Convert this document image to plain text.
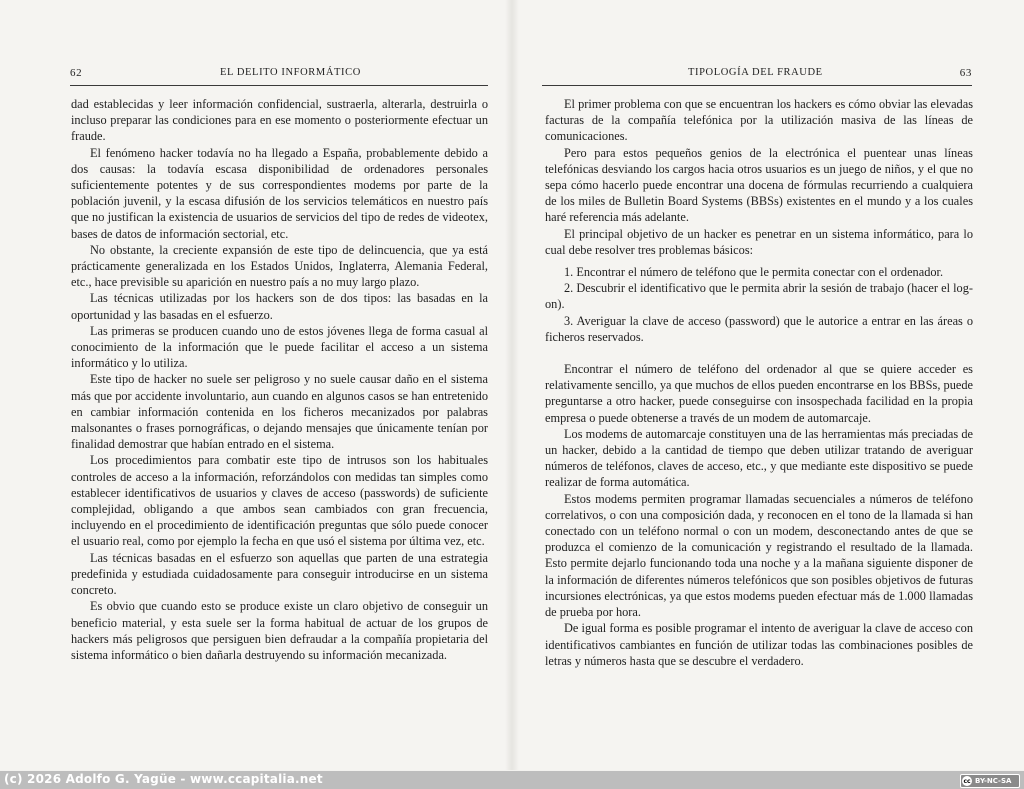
62	EL DELITO INFORMÁTICO

dad establecidas y leer información confidencial, sustraerla, alterarla, destruirla o incluso preparar las condiciones para en ese momento o posteriormente efectuar un fraude.

El fenómeno hacker todavía no ha llegado a España, probablemente debido a dos causas: la todavía escasa disponibilidad de ordenadores personales suficientemente potentes y de sus correspondientes modems por parte de la población juvenil, y la escasa difusión de los servicios telemáticos en nuestro país que no justifican la existencia de usuarios de servicios del tipo de redes de videotex, bases de datos de información sectorial, etc.

No obstante, la creciente expansión de este tipo de delincuencia, que ya está prácticamente generalizada en los Estados Unidos, Inglaterra, Alemania Federal, etc., hace previsible su aparición en nuestro país a no muy largo plazo.

Las técnicas utilizadas por los hackers son de dos tipos: las basadas en la oportunidad y las basadas en el esfuerzo.

Las primeras se producen cuando uno de estos jóvenes llega de forma casual al conocimiento de la información que le puede facilitar el acceso a un sistema informático y lo utiliza.

Este tipo de hacker no suele ser peligroso y no suele causar daño en el sistema más que por accidente involuntario, aun cuando en algunos casos se han entretenido en cambiar información contenida en los ficheros mecanizados por palabras malsonantes o frases pornográficas, o dejando mensajes que únicamente tenían por finalidad demostrar que habían entrado en el sistema.

Los procedimientos para combatir este tipo de intrusos son los habituales controles de acceso a la información, reforzándolos con medidas tan simples como establecer identificativos de usuarios y claves de acceso (passwords) de suficiente complejidad, obligando a que ambos sean cambiados con gran frecuencia, incluyendo en el procedimiento de identificación preguntas que sólo puede conocer el usuario real, como por ejemplo la fecha en que usó el sistema por última vez, etc.

Las técnicas basadas en el esfuerzo son aquellas que parten de una estrategia predefinida y estudiada cuidadosamente para conseguir introducirse en un sistema concreto.

Es obvio que cuando esto se produce existe un claro objetivo de conseguir un beneficio material, y esta suele ser la forma habitual de actuar de los grupos de hackers más peligrosos que persiguen bien defraudar a la compañía propietaria del sistema informático o bien dañarla destruyendo su información mecanizada.

TIPOLOGÍA DEL FRAUDE	63

El primer problema con que se encuentran los hackers es cómo obviar las elevadas facturas de la compañía telefónica por la utilización masiva de las líneas de comunicaciones.

Pero para estos pequeños genios de la electrónica el puentear unas líneas telefónicas desviando los cargos hacia otros usuarios es un juego de niños, y el que no sepa cómo hacerlo puede encontrar una docena de fórmulas recurriendo a cualquiera de los miles de Bulletin Board Systems (BBSs) existentes en el mundo y a los cuales haré referencia más adelante.

El principal objetivo de un hacker es penetrar en un sistema informático, para lo cual debe resolver tres problemas básicos:

1. Encontrar el número de teléfono que le permita conectar con el ordenador.

2. Descubrir el identificativo que le permita abrir la sesión de trabajo (hacer el log-on).

3. Averiguar la clave de acceso (password) que le autorice a entrar en las áreas o ficheros reservados.

Encontrar el número de teléfono del ordenador al que se quiere acceder es relativamente sencillo, ya que muchos de ellos pueden encontrarse en los BBSs, puede preguntarse a otro hacker, puede conseguirse con insospechada facilidad en la propia empresa o puede obtenerse a través de un modem de automarcaje.

Los modems de automarcaje constituyen una de las herramientas más preciadas de un hacker, debido a la cantidad de tiempo que deben utilizar tratando de averiguar números de teléfonos, claves de acceso, etc., y que mediante este dispositivo se puede realizar de forma automática.

Estos modems permiten programar llamadas secuenciales a números de teléfono correlativos, o con una composición dada, y reconocen en el tono de la llamada si han conectado con un teléfono normal o con un modem, desconectando antes de que se produzca el comienzo de la comunicación y registrando el resultado de la llamada. Esto permite dejarlo funcionando toda una noche y a la mañana siguiente disponer de la información de diferentes números telefónicos que son posibles objetivos de futuras incursiones electrónicas, ya que estos modems pueden efectuar más de 1.000 llamadas de prueba por hora.

De igual forma es posible programar el intento de averiguar la clave de acceso con identificativos cambiantes en función de utilizar todas las combinaciones posibles de letras y números hasta que se descubre el verdadero.

(c) 2026 Adolfo G. Yagüe - www.ccapitalia.net	cc BY-NC-SA
